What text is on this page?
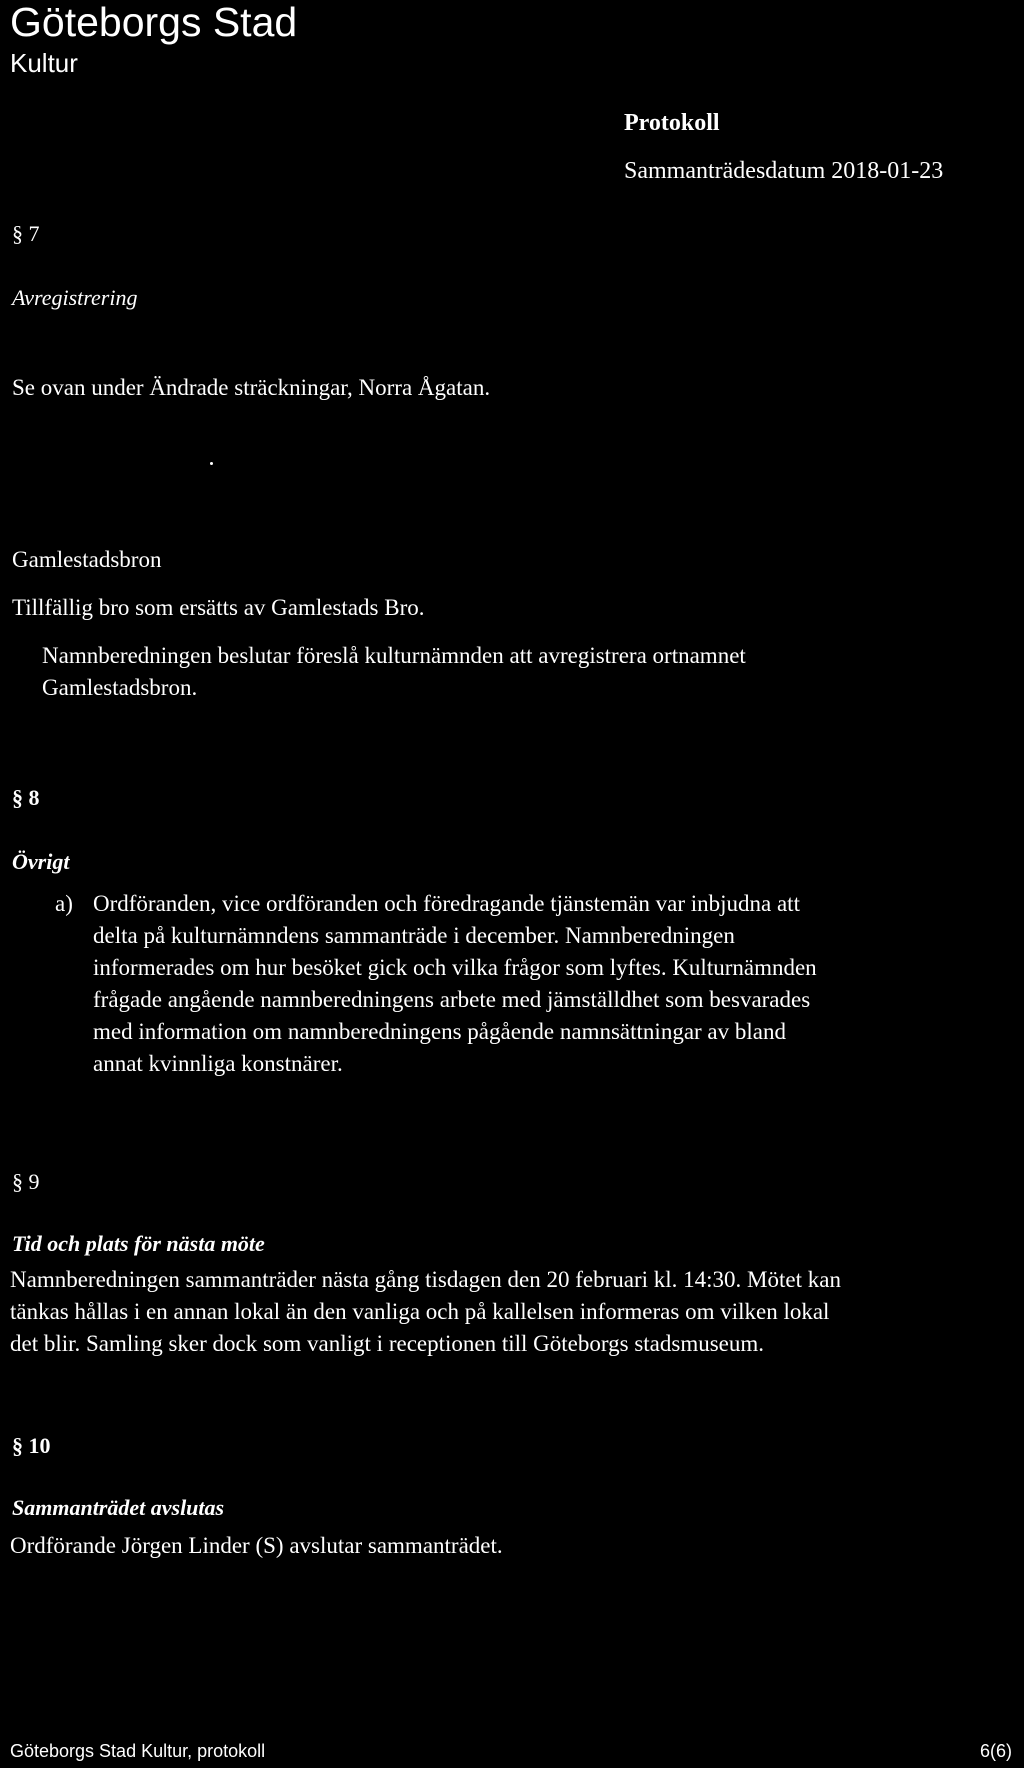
Göteborgs Stad
Kultur
Protokoll
Sammanträdesdatum 2018-01-23
§ 7
Avregistrering
Se ovan under Ändrade sträckningar, Norra Ågatan.
Gamlestadsbron
Tillfällig bro som ersätts av Gamlestads Bro.
Namnberedningen beslutar föreslå kulturnämnden att avregistrera ortnamnet
Gamlestadsbron.
§ 8
Övrigt
a) Ordföranden, vice ordföranden och föredragande tjänstemän var inbjudna att
delta på kulturnämndens sammanträde i december. Namnberedningen
informerades om hur besöket gick och vilka frågor som lyftes. Kulturnämnden
frågade angående namnberedningens arbete med jämställdhet som besvarades
med information om namnberedningens pågående namnsättningar av bland
annat kvinnliga konstnärer.
§ 9
Tid och plats för nästa möte
Namnberedningen sammanträder nästa gång tisdagen den 20 februari kl. 14:30. Mötet kan
tänkas hållas i en annan lokal än den vanliga och på kallelsen informeras om vilken lokal
det blir. Samling sker dock som vanligt i receptionen till Göteborgs stadsmuseum.
§ 10
Sammanträdet avslutas
Ordförande Jörgen Linder (S) avslutar sammanträdet.
Göteborgs Stad Kultur, protokoll	6(6)
